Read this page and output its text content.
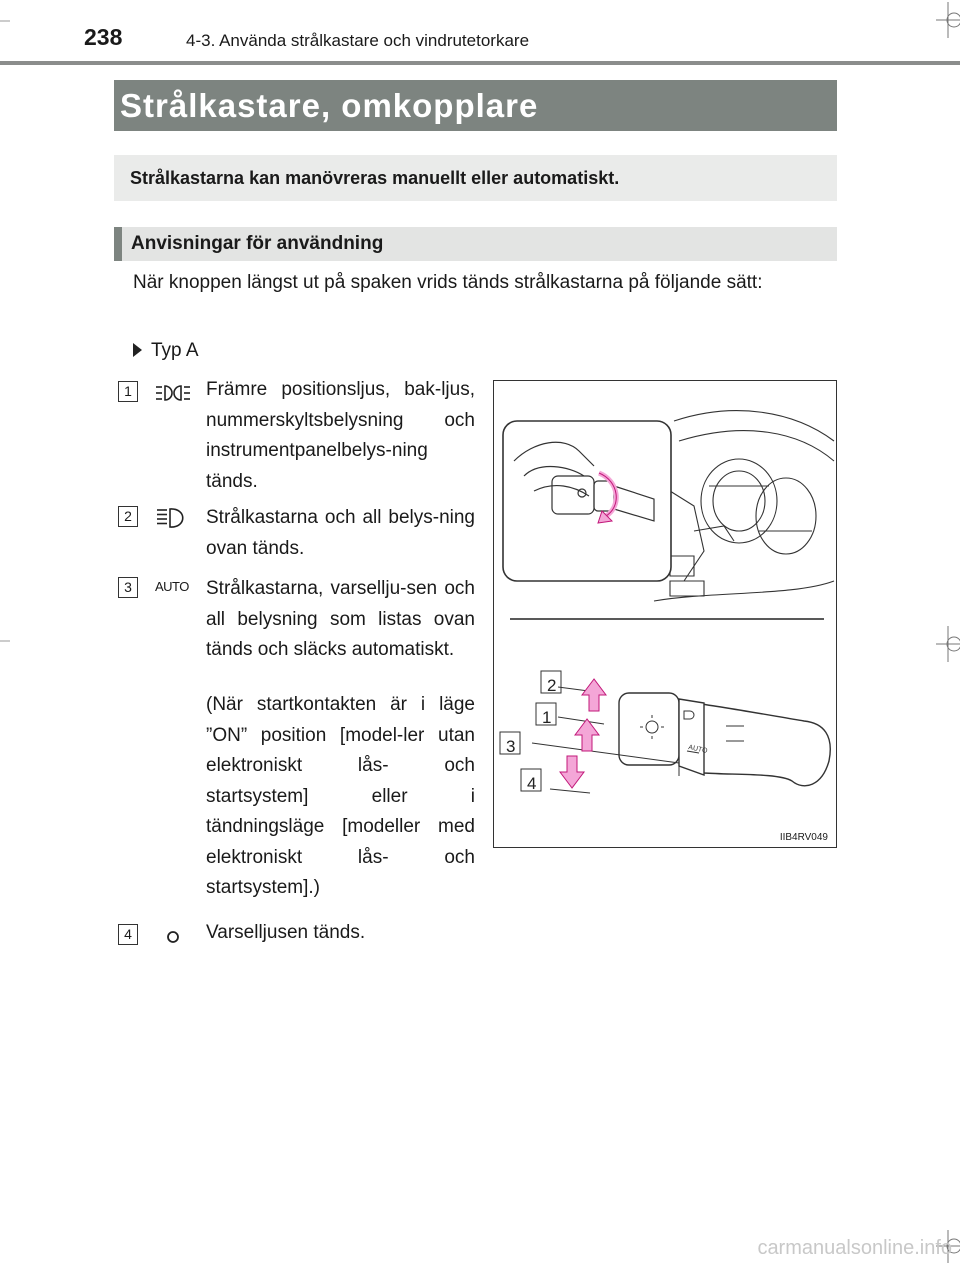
238	4-3. Använda strålkastare och vindrutetorkare
Strålkastare, omkopplare
Strålkastarna kan manövreras manuellt eller automatiskt.
Anvisningar för användning
När knoppen längst ut på spaken vrids tänds strålkastarna på följande sätt:
Typ A
1	Främre positionsljus, bak-ljus, nummerskyltsbelysning och instrumentpanelbelys-ning tänds.
2	Strålkastarna och all belys-ning ovan tänds.
3	AUTO Strålkastarna, varsellju-sen och all belysning som listas ovan tänds och släcks automatiskt.
(När startkontakten är i läge ”ON” position [model-ler utan elektroniskt lås- och startsystem] eller i tändningsläge [modeller med elektroniskt lås- och startsystem].)
4	Varselljusen tänds.
AUTO
2
1
3
4
IIB4RV049
carmanualsonline.info
